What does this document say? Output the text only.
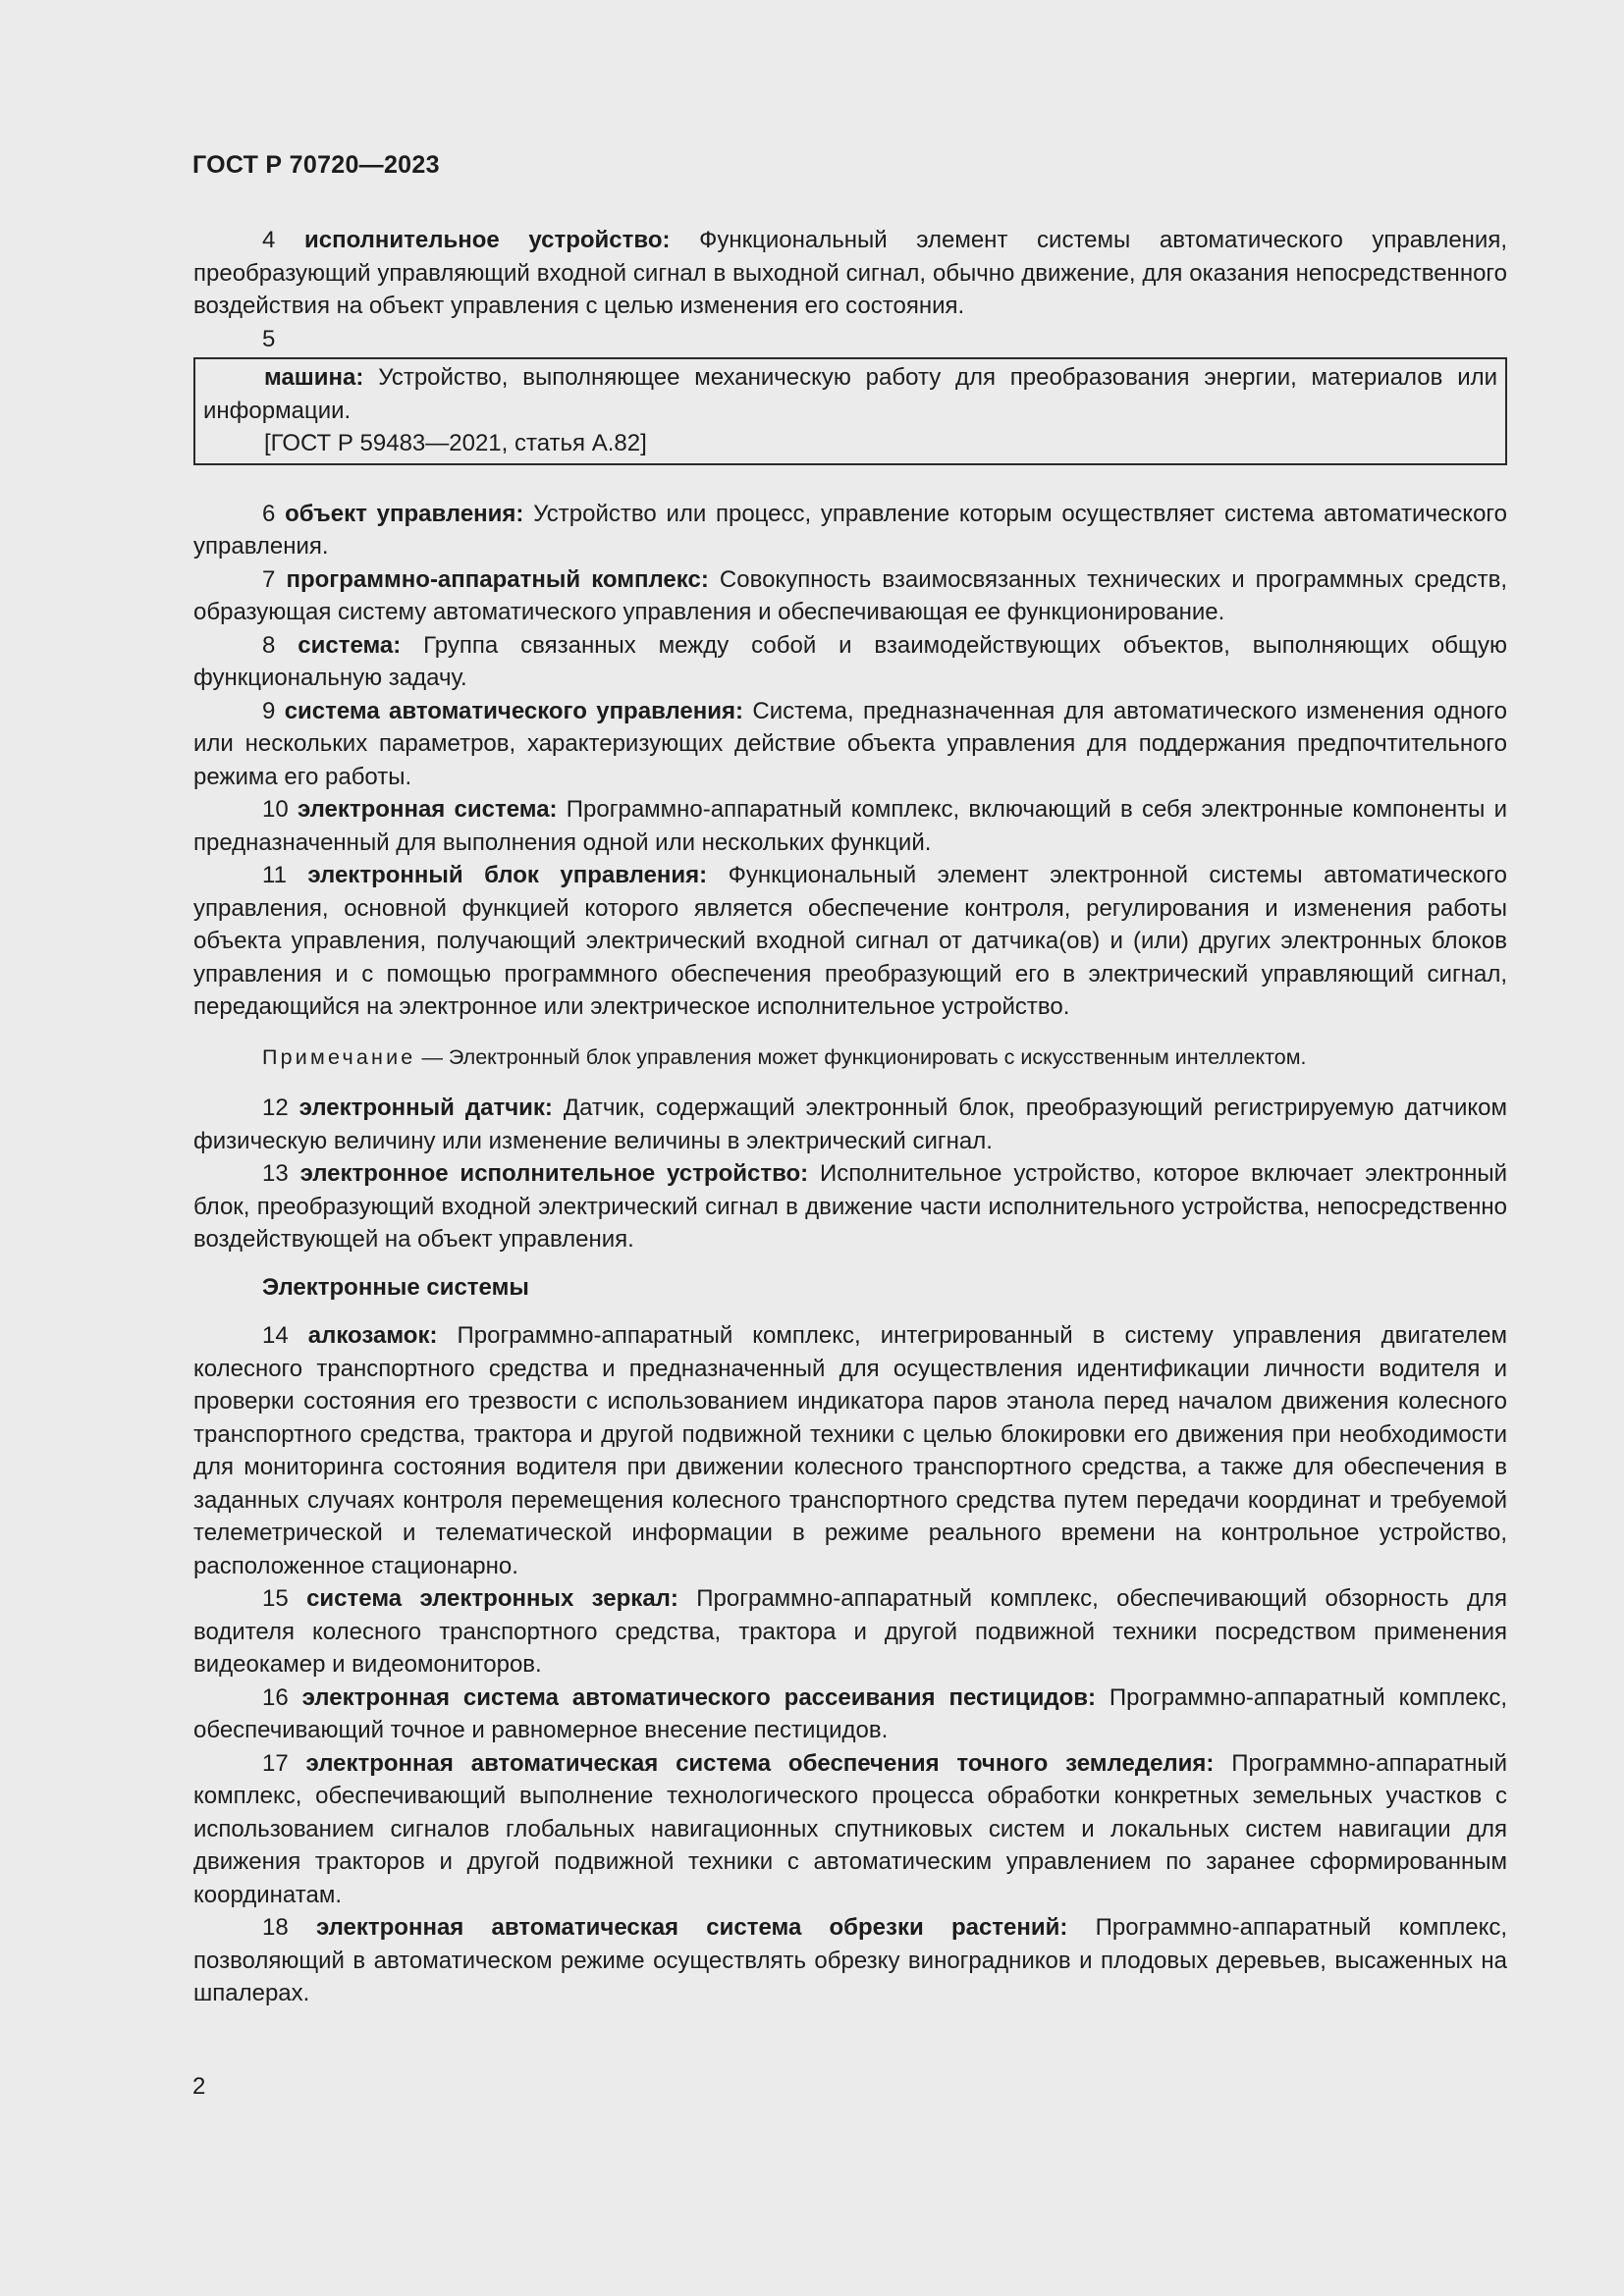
ГОСТ Р 70720—2023

4 исполнительное устройство: Функциональный элемент системы автоматического управления, преобразующий управляющий входной сигнал в выходной сигнал, обычно движение, для оказания непосредственного воздействия на объект управления с целью изменения его состояния.

5

машина: Устройство, выполняющее механическую работу для преобразования энергии, материалов или информации.

[ГОСТ Р 59483—2021, статья А.82]

6 объект управления: Устройство или процесс, управление которым осуществляет система автоматического управления.

7 программно-аппаратный комплекс: Совокупность взаимосвязанных технических и программных средств, образующая систему автоматического управления и обеспечивающая ее функционирование.

8 система: Группа связанных между собой и взаимодействующих объектов, выполняющих общую функциональную задачу.

9 система автоматического управления: Система, предназначенная для автоматического изменения одного или нескольких параметров, характеризующих действие объекта управления для поддержания предпочтительного режима его работы.

10 электронная система: Программно-аппаратный комплекс, включающий в себя электронные компоненты и предназначенный для выполнения одной или нескольких функций.

11 электронный блок управления: Функциональный элемент электронной системы автоматического управления, основной функцией которого является обеспечение контроля, регулирования и изменения работы объекта управления, получающий электрический входной сигнал от датчика(ов) и (или) других электронных блоков управления и с помощью программного обеспечения преобразующий его в электрический управляющий сигнал, передающийся на электронное или электрическое исполнительное устройство.

Примечание — Электронный блок управления может функционировать с искусственным интеллектом.

12 электронный датчик: Датчик, содержащий электронный блок, преобразующий регистрируемую датчиком физическую величину или изменение величины в электрический сигнал.

13 электронное исполнительное устройство: Исполнительное устройство, которое включает электронный блок, преобразующий входной электрический сигнал в движение части исполнительного устройства, непосредственно воздействующей на объект управления.

Электронные системы

14 алкозамок: Программно-аппаратный комплекс, интегрированный в систему управления двигателем колесного транспортного средства и предназначенный для осуществления идентификации личности водителя и проверки состояния его трезвости с использованием индикатора паров этанола перед началом движения колесного транспортного средства, трактора и другой подвижной техники с целью блокировки его движения при необходимости для мониторинга состояния водителя при движении колесного транспортного средства, а также для обеспечения в заданных случаях контроля перемещения колесного транспортного средства путем передачи координат и требуемой телеметрической и телематической информации в режиме реального времени на контрольное устройство, расположенное стационарно.

15 система электронных зеркал: Программно-аппаратный комплекс, обеспечивающий обзорность для водителя колесного транспортного средства, трактора и другой подвижной техники посредством применения видеокамер и видеомониторов.

16 электронная система автоматического рассеивания пестицидов: Программно-аппаратный комплекс, обеспечивающий точное и равномерное внесение пестицидов.

17 электронная автоматическая система обеспечения точного земледелия: Программно-аппаратный комплекс, обеспечивающий выполнение технологического процесса обработки конкретных земельных участков с использованием сигналов глобальных навигационных спутниковых систем и локальных систем навигации для движения тракторов и другой подвижной техники с автоматическим управлением по заранее сформированным координатам.

18 электронная автоматическая система обрезки растений: Программно-аппаратный комплекс, позволяющий в автоматическом режиме осуществлять обрезку виноградников и плодовых деревьев, высаженных на шпалерах.

2
